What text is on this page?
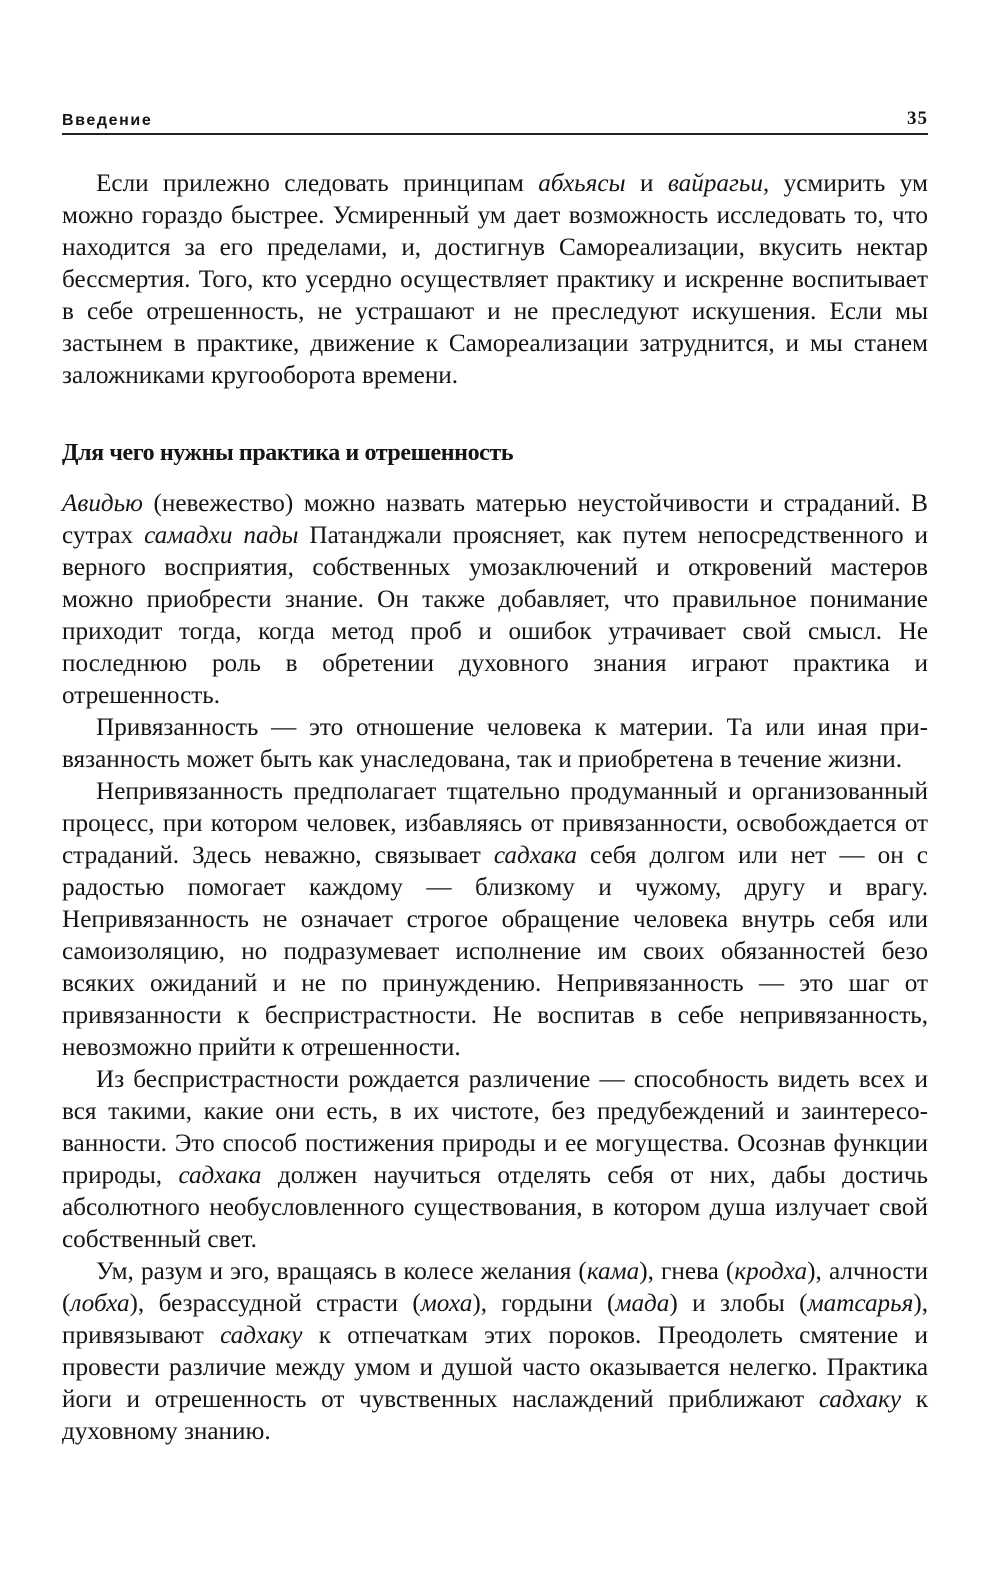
Введение	35

Если прилежно следовать принципам абхьясы и вайрагьи, усмирить ум можно гораздо быстрее. Усмиренный ум дает возможность исследовать то, что находится за его пределами, и, достигнув Самореализации, вкусить нектар бессмертия. Того, кто усердно осуществляет практику и искренне воспитывает в себе отрешенность, не устрашают и не преследуют искушения. Если мы застынем в практике, движение к Самореализации затруднится, и мы станем заложниками кругооборота времени.

Для чего нужны практика и отрешенность

Авидью (невежество) можно назвать матерью неустойчивости и страданий. В сутрах самадхи пады Патанджали проясняет, как путем непосредственного и верного восприятия, собственных умозаключений и откровений мастеров можно приобрести знание. Он также добавляет, что правильное понимание приходит тогда, когда метод проб и ошибок утрачивает свой смысл. Не последнюю роль в обретении духовного знания играют практика и отрешенность.

Привязанность — это отношение человека к материи. Та или иная привязанность может быть как унаследована, так и приобретена в течение жизни.

Непривязанность предполагает тщательно продуманный и организованный процесс, при котором человек, избавляясь от привязанности, освобождается от страданий. Здесь неважно, связывает садхака себя долгом или нет — он с радостью помогает каждому — близкому и чужому, другу и врагу. Непривязанность не означает строгое обращение человека внутрь себя или самоизоляцию, но подразумевает исполнение им своих обязанностей безо всяких ожиданий и не по принуждению. Непривязанность — это шаг от привязанности к беспристрастности. Не воспитав в себе непривязанность, невозможно прийти к отрешенности.

Из беспристрастности рождается различение — способность видеть всех и вся такими, какие они есть, в их чистоте, без предубеждений и заинтересованности. Это способ постижения природы и ее могущества. Осознав функции природы, садхака должен научиться отделять себя от них, дабы достичь абсолютного необусловленного существования, в котором душа излучает свой собственный свет.

Ум, разум и эго, вращаясь в колесе желания (кама), гнева (кродха), алчности (лобха), безрассудной страсти (моха), гордыни (мада) и злобы (матсарья), привязывают садхаку к отпечаткам этих пороков. Преодолеть смятение и провести различие между умом и душой часто оказывается нелегко. Практика йоги и отрешенность от чувственных наслаждений приближают садхаку к духовному знанию.
